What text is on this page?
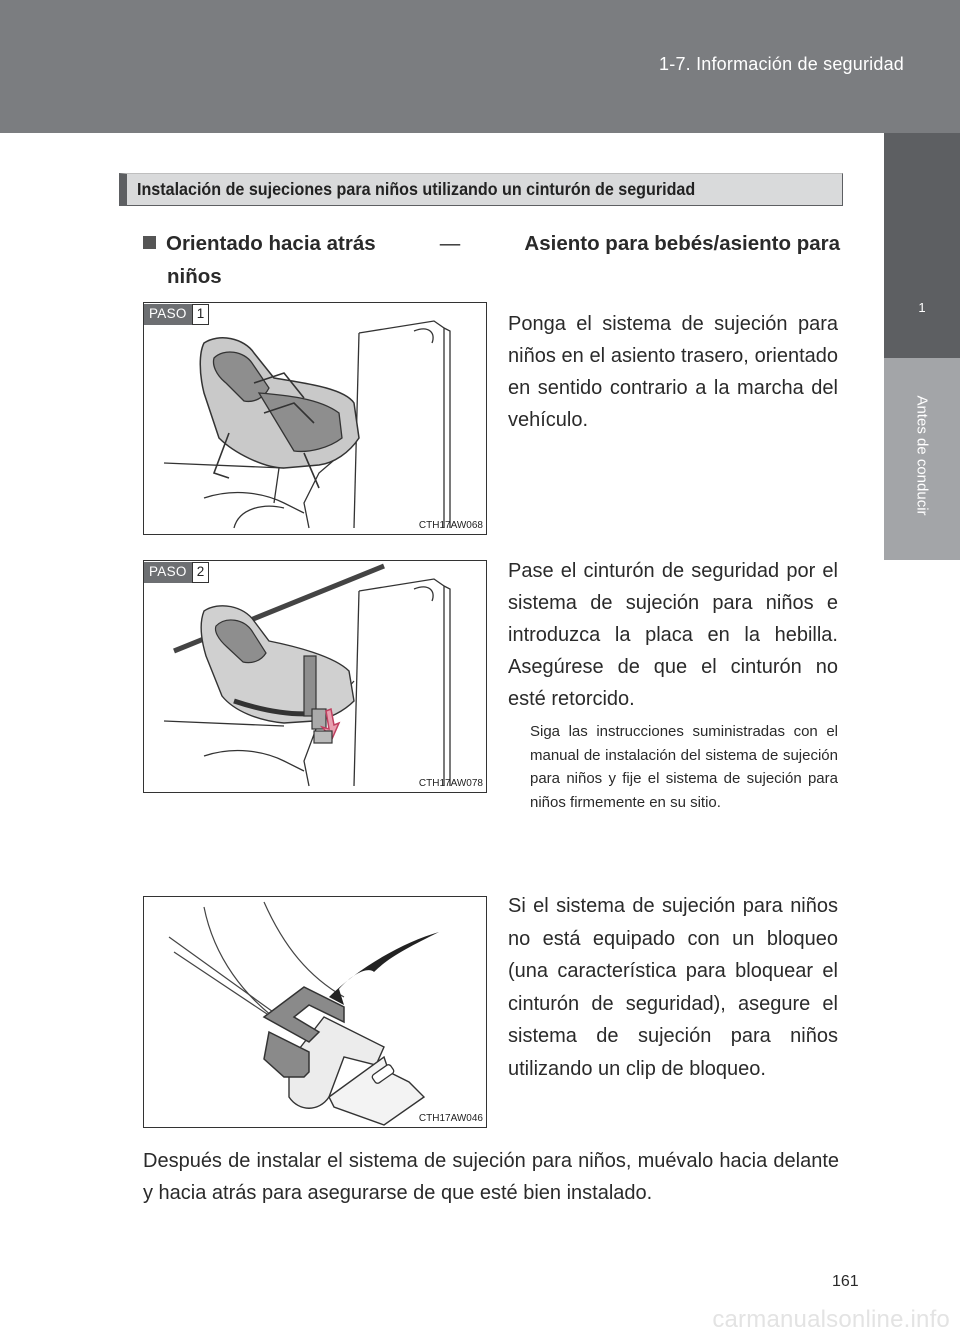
1-7. Información de seguridad
1
Antes de conducir
Instalación de sujeciones para niños utilizando un cinturón de seguridad
Orientado hacia atrás	—	Asiento para bebés/asiento para
niños
PASO 1
CTH17AW068
Ponga el sistema de sujeción para niños en el asiento trasero, orientado en sentido contrario a la marcha del vehículo.
PASO 2
CTH17AW078
Pase el cinturón de seguridad por el sistema de sujeción para niños e introduzca la placa en la hebilla. Asegúrese de que el cinturón no esté retorcido.
Siga las instrucciones suministradas con el manual de instalación del sistema de sujeción para niños y fije el sistema de sujeción para niños firmemente en su sitio.
CTH17AW046
Si el sistema de sujeción para niños no está equipado con un bloqueo (una característica para bloquear el cinturón de seguridad), asegure el sistema de sujeción para niños utilizando un clip de bloqueo.
Después de instalar el sistema de sujeción para niños, muévalo hacia delante y hacia atrás para asegurarse de que esté bien instalado.
161
carmanualsonline.info
